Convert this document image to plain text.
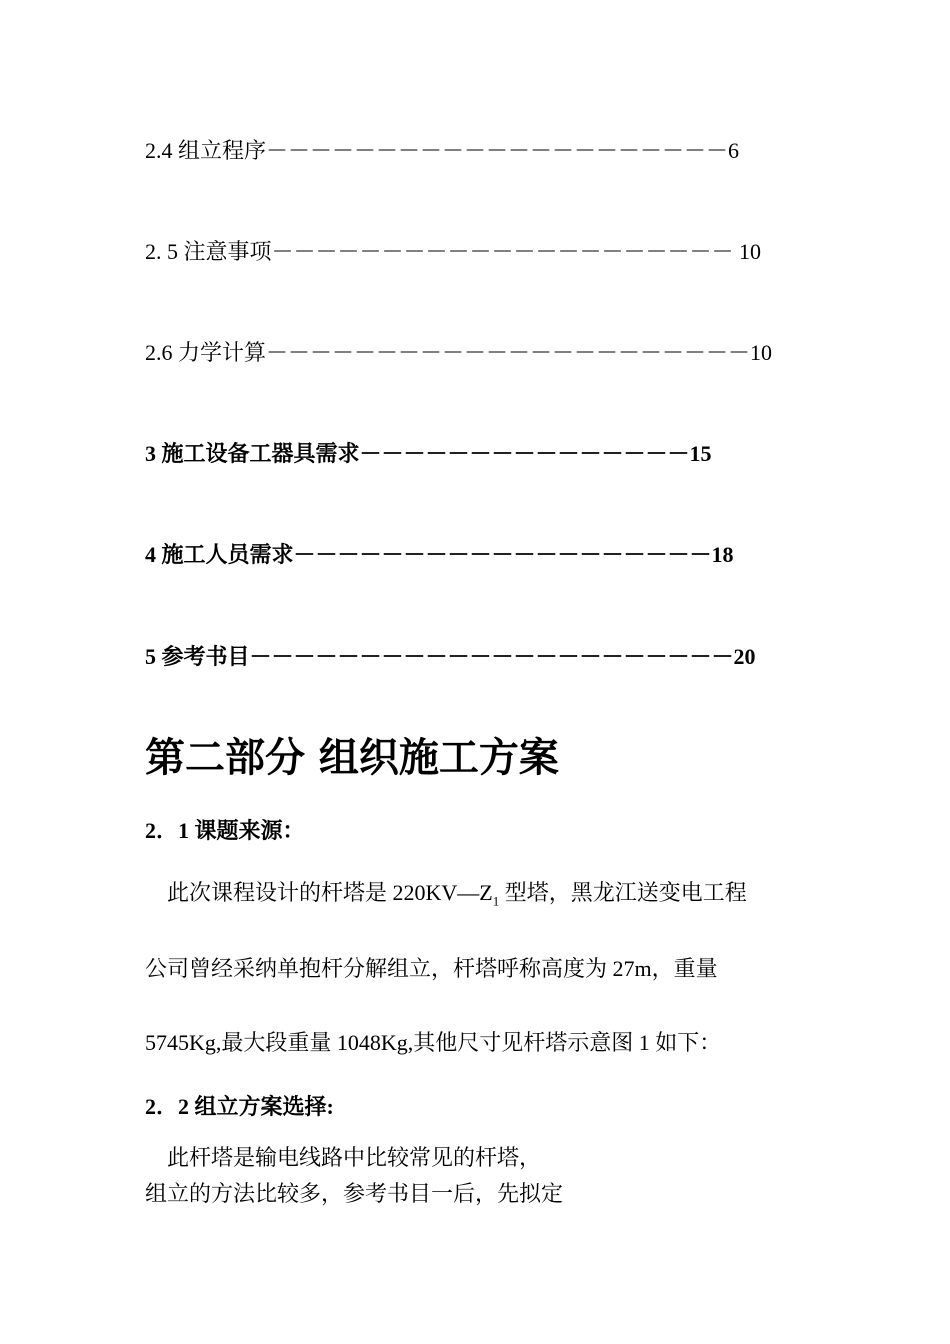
2.4 组立程序－－－－－－－－－－－－－－－－－－－－－6
2. 5 注意事项－－－－－－－－－－－－－－－－－－－－－ 10
2.6 力学计算－－－－－－－－－－－－－－－－－－－－－－10
3 施工设备工器具需求－－－－－－－－－－－－－－－15
4 施工人员需求－－－－－－－－－－－－－－－－－－－18
5 参考书目－－－－－－－－－－－－－－－－－－－－－－20
第二部分 组织施工方案
2．1 课题来源：
　此次课程设计的杆塔是 $220KV—Z_1$ 型塔，黑龙江送变电工程
公司曾经采纳单抱杆分解组立，杆塔呼称高度为 27m，重量
5745Kg,最大段重量 1048Kg,其他尺寸见杆塔示意图 1 如下：
2．2 组立方案选择:
　此杆塔是输电线路中比较常见的杆塔，
组立的方法比较多，参考书目一后，先拟定
